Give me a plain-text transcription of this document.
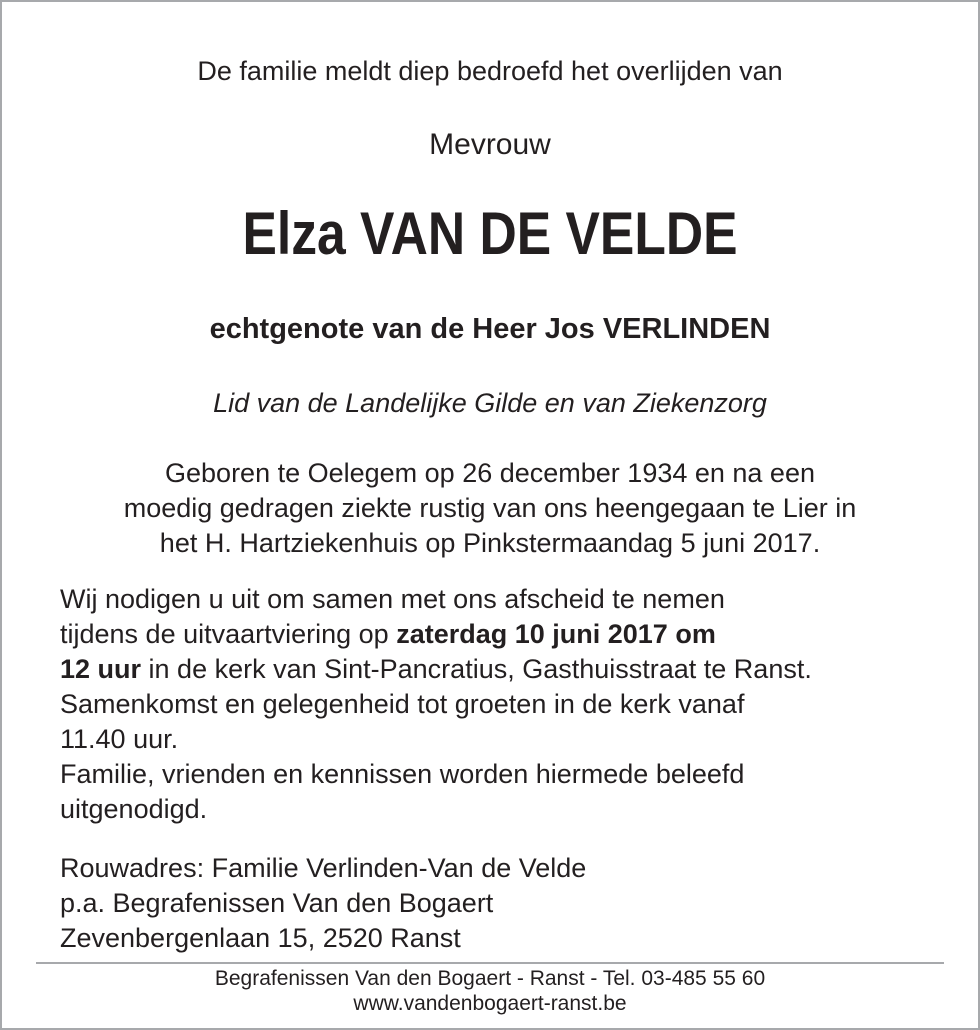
De familie meldt diep bedroefd het overlijden van
Mevrouw
Elza VAN DE VELDE
echtgenote van de Heer Jos VERLINDEN
Lid van de Landelijke Gilde en van Ziekenzorg
Geboren te Oelegem op 26 december 1934 en na een
moedig gedragen ziekte rustig van ons heengegaan te Lier in
het H. Hartziekenhuis op Pinkstermaandag 5 juni 2017.
Wij nodigen u uit om samen met ons afscheid te nemen
tijdens de uitvaartviering op zaterdag 10 juni 2017 om
12 uur in de kerk van Sint-Pancratius, Gasthuisstraat te Ranst.
Samenkomst en gelegenheid tot groeten in de kerk vanaf
11.40 uur.
Familie, vrienden en kennissen worden hiermede beleefd
uitgenodigd.
Rouwadres: Familie Verlinden-Van de Velde
p.a. Begrafenissen Van den Bogaert
Zevenbergenlaan 15, 2520 Ranst
Begrafenissen Van den Bogaert - Ranst - Tel. 03-485 55 60
www.vandenbogaert-ranst.be
